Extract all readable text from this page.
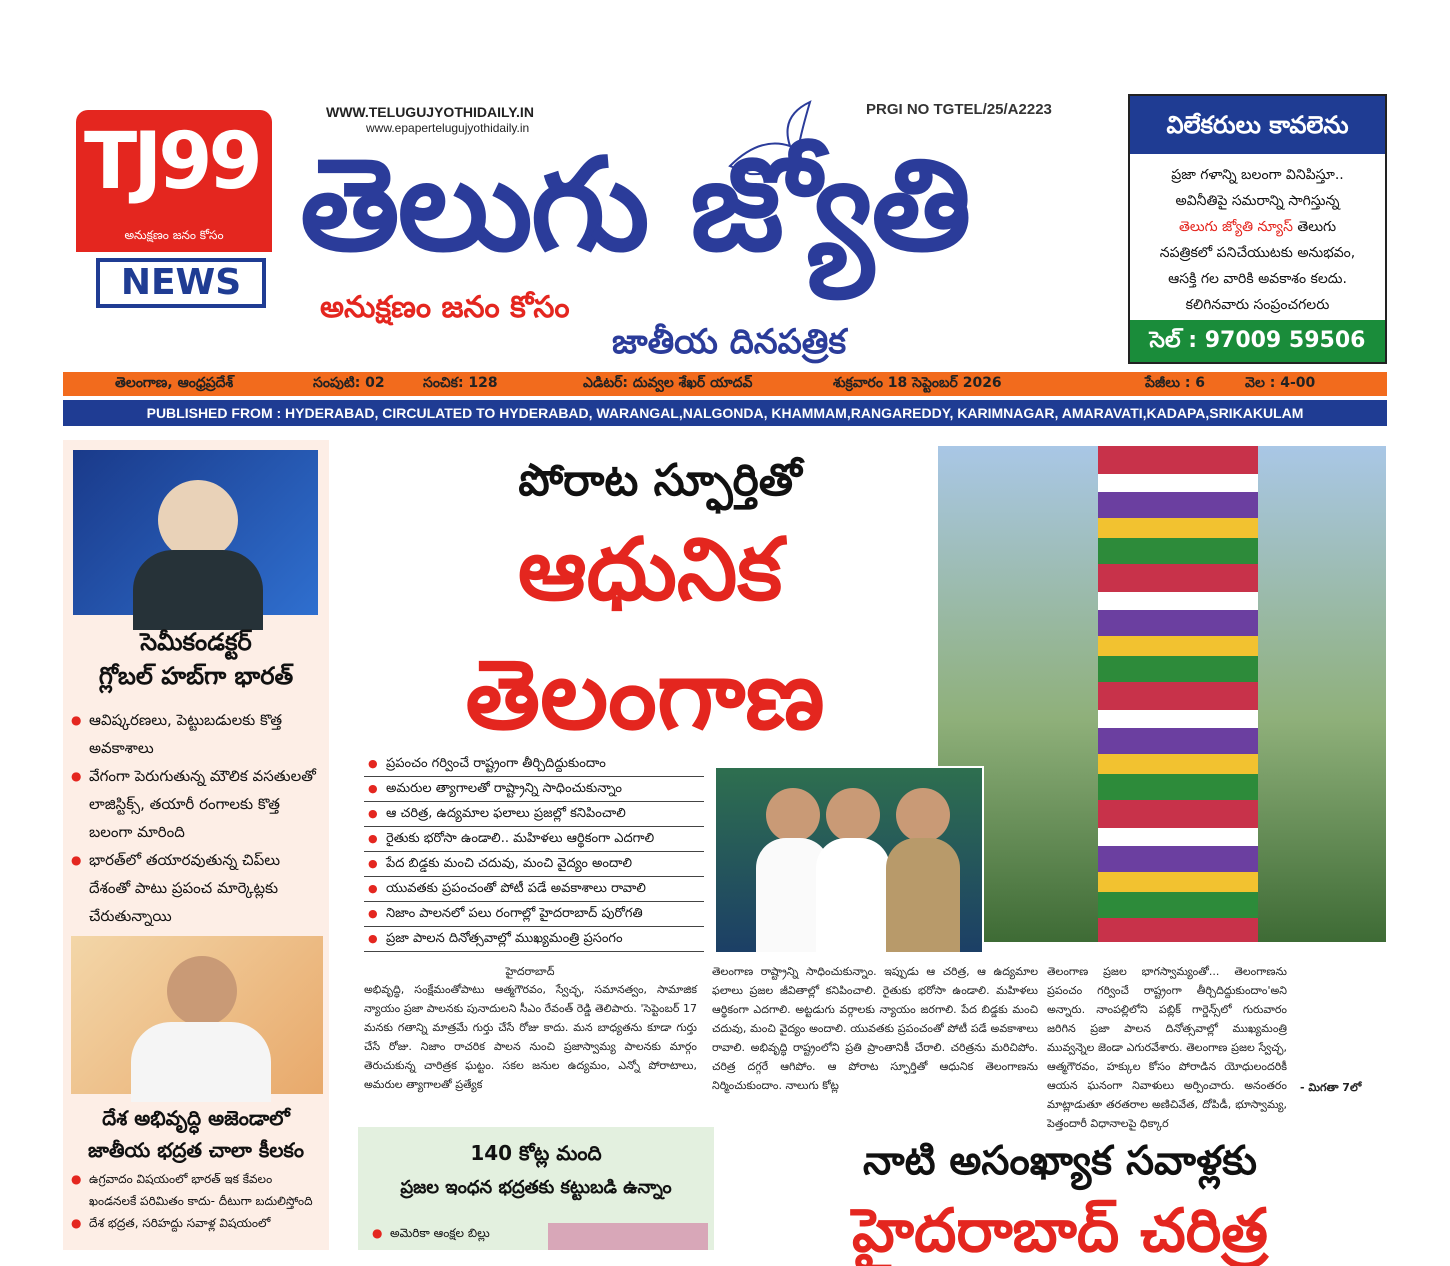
TJ99
అనుక్షణం జనం కోసం
NEWS
WWW.TELUGUJYOTHIDAILY.IN
www.epapertelugujyothidaily.in
PRGI NO TGTEL/25/A2223
తెలుగు జ్యోతి
అనుక్షణం జనం కోసం
జాతీయ దినపత్రిక
విలేకరులు కావలెను
ప్రజా గళాన్ని బలంగా వినిపిస్తూ..
అవినీతిపై సమరాన్ని సాగిస్తున్న
తెలుగు జ్యోతి న్యూస్ తెలుగు
నపత్రికలో పనిచేయుటకు అనుభవం,
ఆసక్తి గల వారికి అవకాశం కలదు.
కలిగినవారు సంప్రంచగలరు
సెల్ : 97009 59506
తెలంగాణ, ఆంధ్రప్రదేశ్	సంపుటి: 02	సంచిక: 128	ఎడిటర్: దువ్వల శేఖర్ యాదవ్	శుక్రవారం 18 సెప్టెంబర్ 2026	పేజీలు : 6	వెల : 4-00
PUBLISHED FROM : HYDERABAD, CIRCULATED TO HYDERABAD, WARANGAL,NALGONDA, KHAMMAM,RANGAREDDY, KARIMNAGAR, AMARAVATI,KADAPA,SRIKAKULAM
సెమీకండక్టర్
గ్లోబల్ హబ్‌గా భారత్
● ఆవిష్కరణలు, పెట్టుబడులకు కొత్త అవకాశాలు
● వేగంగా పెరుగుతున్న మౌలిక వసతులతో లాజిస్టిక్స్, తయారీ రంగాలకు కొత్త బలంగా మారింది
● భారత్‌లో తయారవుతున్న చిప్‌లు దేశంతో పాటు ప్రపంచ మార్కెట్లకు చేరుతున్నాయి
దేశ అభివృద్ధి అజెండాలో
జాతీయ భద్రత చాలా కీలకం
● ఉగ్రవాదం విషయంలో భారత్ ఇక కేవలం ఖండనలకే పరిమితం కాదు- దీటుగా బదులిస్తోంది
● దేశ భద్రత, సరిహద్దు సవాళ్ల విషయంలో
పోరాట స్ఫూర్తితో
ఆధునిక
తెలంగాణ
● ప్రపంచం గర్వించే రాష్ట్రంగా తీర్చిదిద్దుకుందాం
● అమరుల త్యాగాలతో రాష్ట్రాన్ని సాధించుకున్నాం
● ఆ చరిత్ర, ఉద్యమాల ఫలాలు ప్రజల్లో కనిపించాలి
● రైతుకు భరోసా ఉండాలి.. మహిళలు ఆర్థికంగా ఎదగాలి
● పేద బిడ్డకు మంచి చదువు, మంచి వైద్యం అందాలి
● యువతకు ప్రపంచంతో పోటీ పడే అవకాశాలు రావాలి
● నిజాం పాలనలో పలు రంగాల్లో హైదరాబాద్ పురోగతి
● ప్రజా పాలన దినోత్సవాల్లో ముఖ్యమంత్రి ప్రసంగం
హైదరాబాద్
అభివృద్ధి, సంక్షేమంతోపాటు ఆత్మగౌరవం, స్వేచ్ఛ, సమానత్వం, సామాజిక న్యాయం ప్రజా పాలనకు పునాదులని సీఎం రేవంత్ రెడ్డి తెలిపారు. 'సెప్టెంబర్ 17 మనకు గతాన్ని మాత్రమే గుర్తు చేసే రోజు కాదు. మన బాధ్యతను కూడా గుర్తు చేసే రోజు. నిజాం రాచరిక పాలన నుంచి ప్రజాస్వామ్య పాలనకు మార్గం తెరుచుకున్న చారిత్రక ఘట్టం. సకల జనుల ఉద్యమం, ఎన్నో పోరాటాలు, అమరుల త్యాగాలతో ప్రత్యేక
తెలంగాణ రాష్ట్రాన్ని సాధించుకున్నాం. ఇప్పుడు ఆ చరిత్ర, ఆ ఉద్యమాల ఫలాలు ప్రజల జీవితాల్లో కనిపించాలి. రైతుకు భరోసా ఉండాలి. మహిళలు ఆర్థికంగా ఎదగాలి. అట్టడుగు వర్గాలకు న్యాయం జరగాలి. పేద బిడ్డకు మంచి చదువు, మంచి వైద్యం అందాలి. యువతకు ప్రపంచంతో పోటీ పడే అవకాశాలు రావాలి. అభివృద్ధి రాష్ట్రంలోని ప్రతి ప్రాంతానికీ చేరాలి. చరిత్రను మరిచిపోం. చరిత్ర దగ్గరే ఆగిపోం. ఆ పోరాట స్ఫూర్తితో ఆధునిక తెలంగాణను నిర్మించుకుందాం. నాలుగు కోట్ల
తెలంగాణ ప్రజల భాగస్వామ్యంతో... తెలంగాణను ప్రపంచం గర్వించే రాష్ట్రంగా తీర్చిదిద్దుకుందాం'అని అన్నారు. నాంపల్లిలోని పబ్లిక్ గార్డెన్స్‌లో గురువారం జరిగిన ప్రజా పాలన దినోత్సవాల్లో ముఖ్యమంత్రి మువ్వన్నెల జెండా ఎగురవేశారు. తెలంగాణ ప్రజల స్వేచ్ఛ, ఆత్మగౌరవం, హక్కుల కోసం పోరాడిన యోధులందరికీ ఆయన ఘనంగా నివాళులు అర్పించారు. అనంతరం మాట్లాడుతూ తరతరాల అణిచివేత, దోపిడీ, భూస్వామ్య, పెత్తందారీ విధానాలపై ధిక్కార
- మిగతా 7లో
140 కోట్ల మంది
ప్రజల ఇంధన భద్రతకు కట్టుబడి ఉన్నాం
● అమెరికా ఆంక్షల బిల్లు
నాటి అసంఖ్యాక సవాళ్లకు
హైదరాబాద్ చరిత్ర
